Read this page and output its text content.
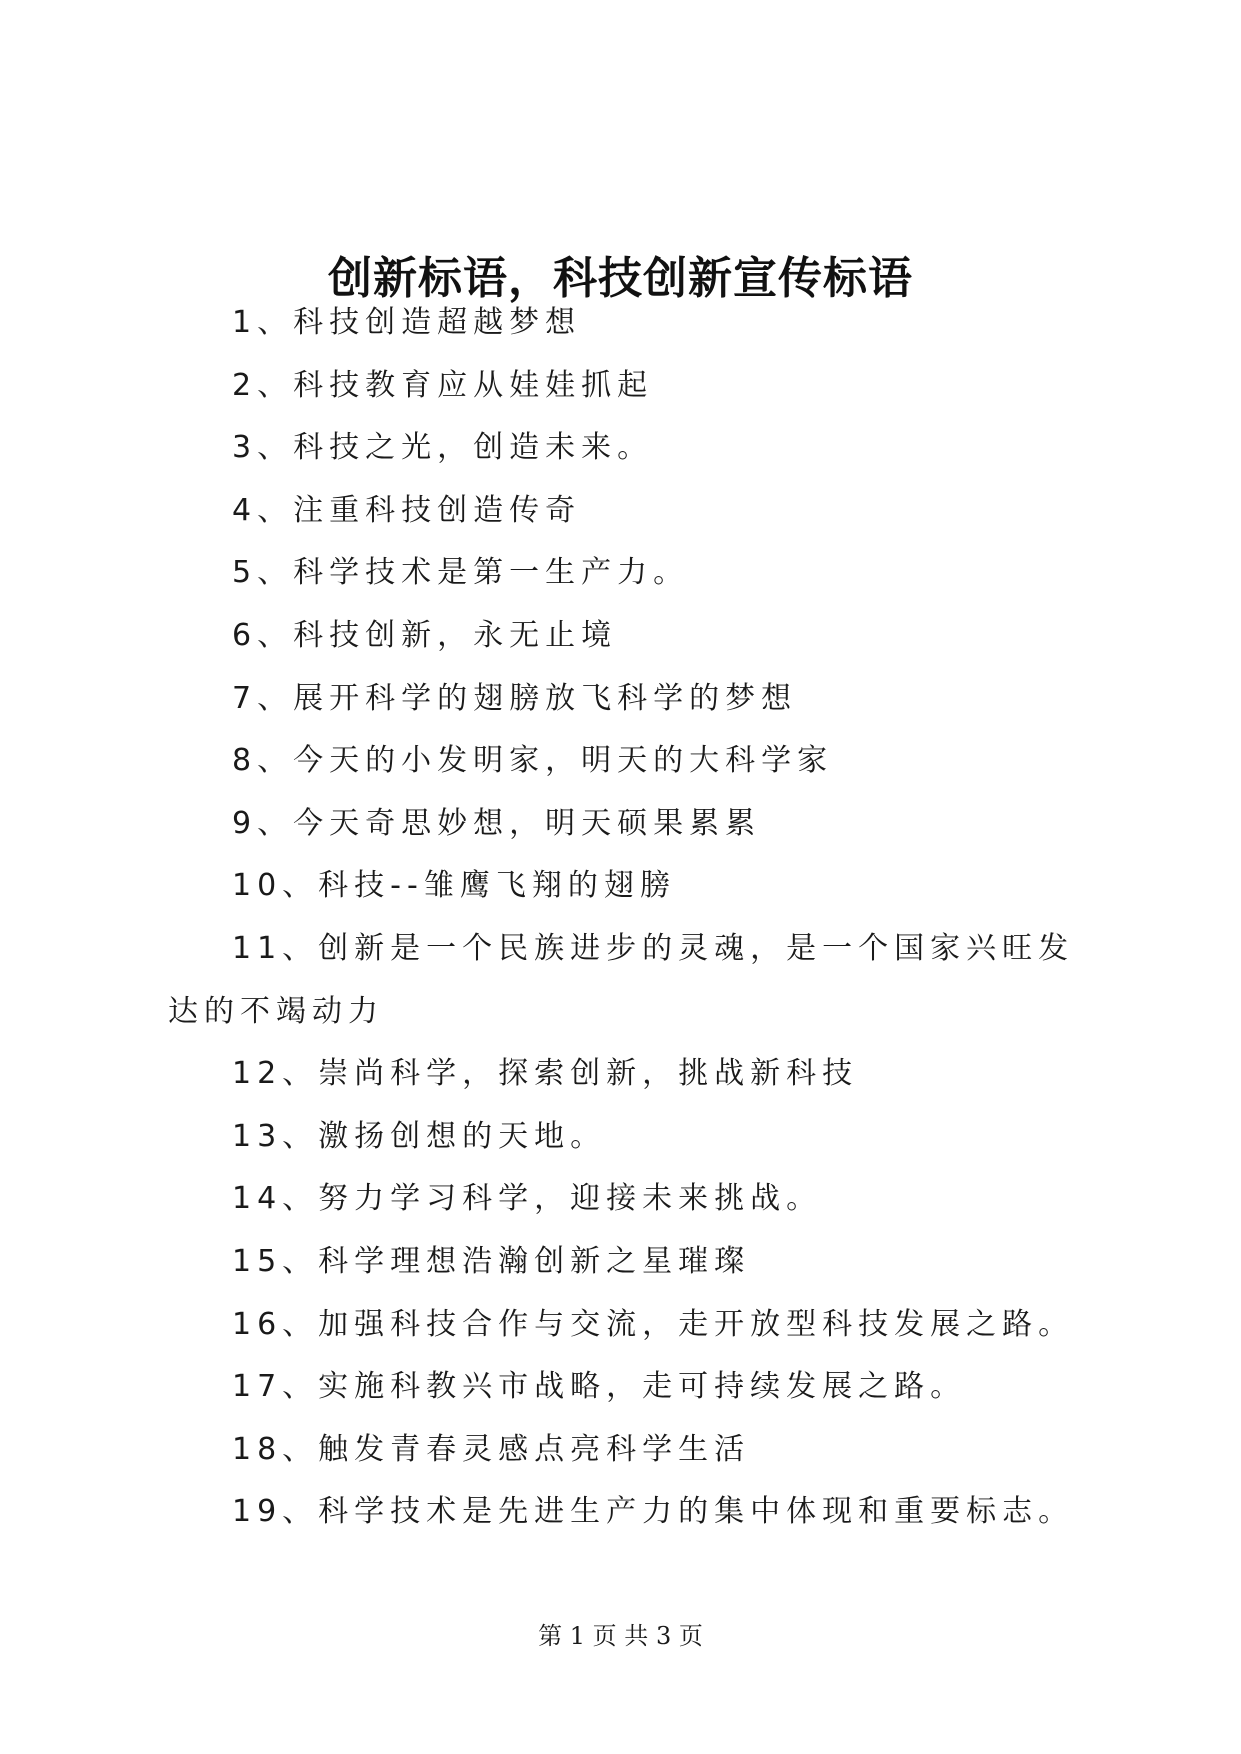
创新标语，科技创新宣传标语
1、科技创造超越梦想
2、科技教育应从娃娃抓起
3、科技之光，创造未来。
4、注重科技创造传奇
5、科学技术是第一生产力。
6、科技创新，永无止境
7、展开科学的翅膀放飞科学的梦想
8、今天的小发明家，明天的大科学家
9、今天奇思妙想，明天硕果累累
10、科技--雏鹰飞翔的翅膀
11、创新是一个民族进步的灵魂，是一个国家兴旺发达的不竭动力
12、崇尚科学，探索创新，挑战新科技
13、激扬创想的天地。
14、努力学习科学，迎接未来挑战。
15、科学理想浩瀚创新之星璀璨
16、加强科技合作与交流，走开放型科技发展之路。
17、实施科教兴市战略，走可持续发展之路。
18、触发青春灵感点亮科学生活
19、科学技术是先进生产力的集中体现和重要标志。
第 1 页 共 3 页
